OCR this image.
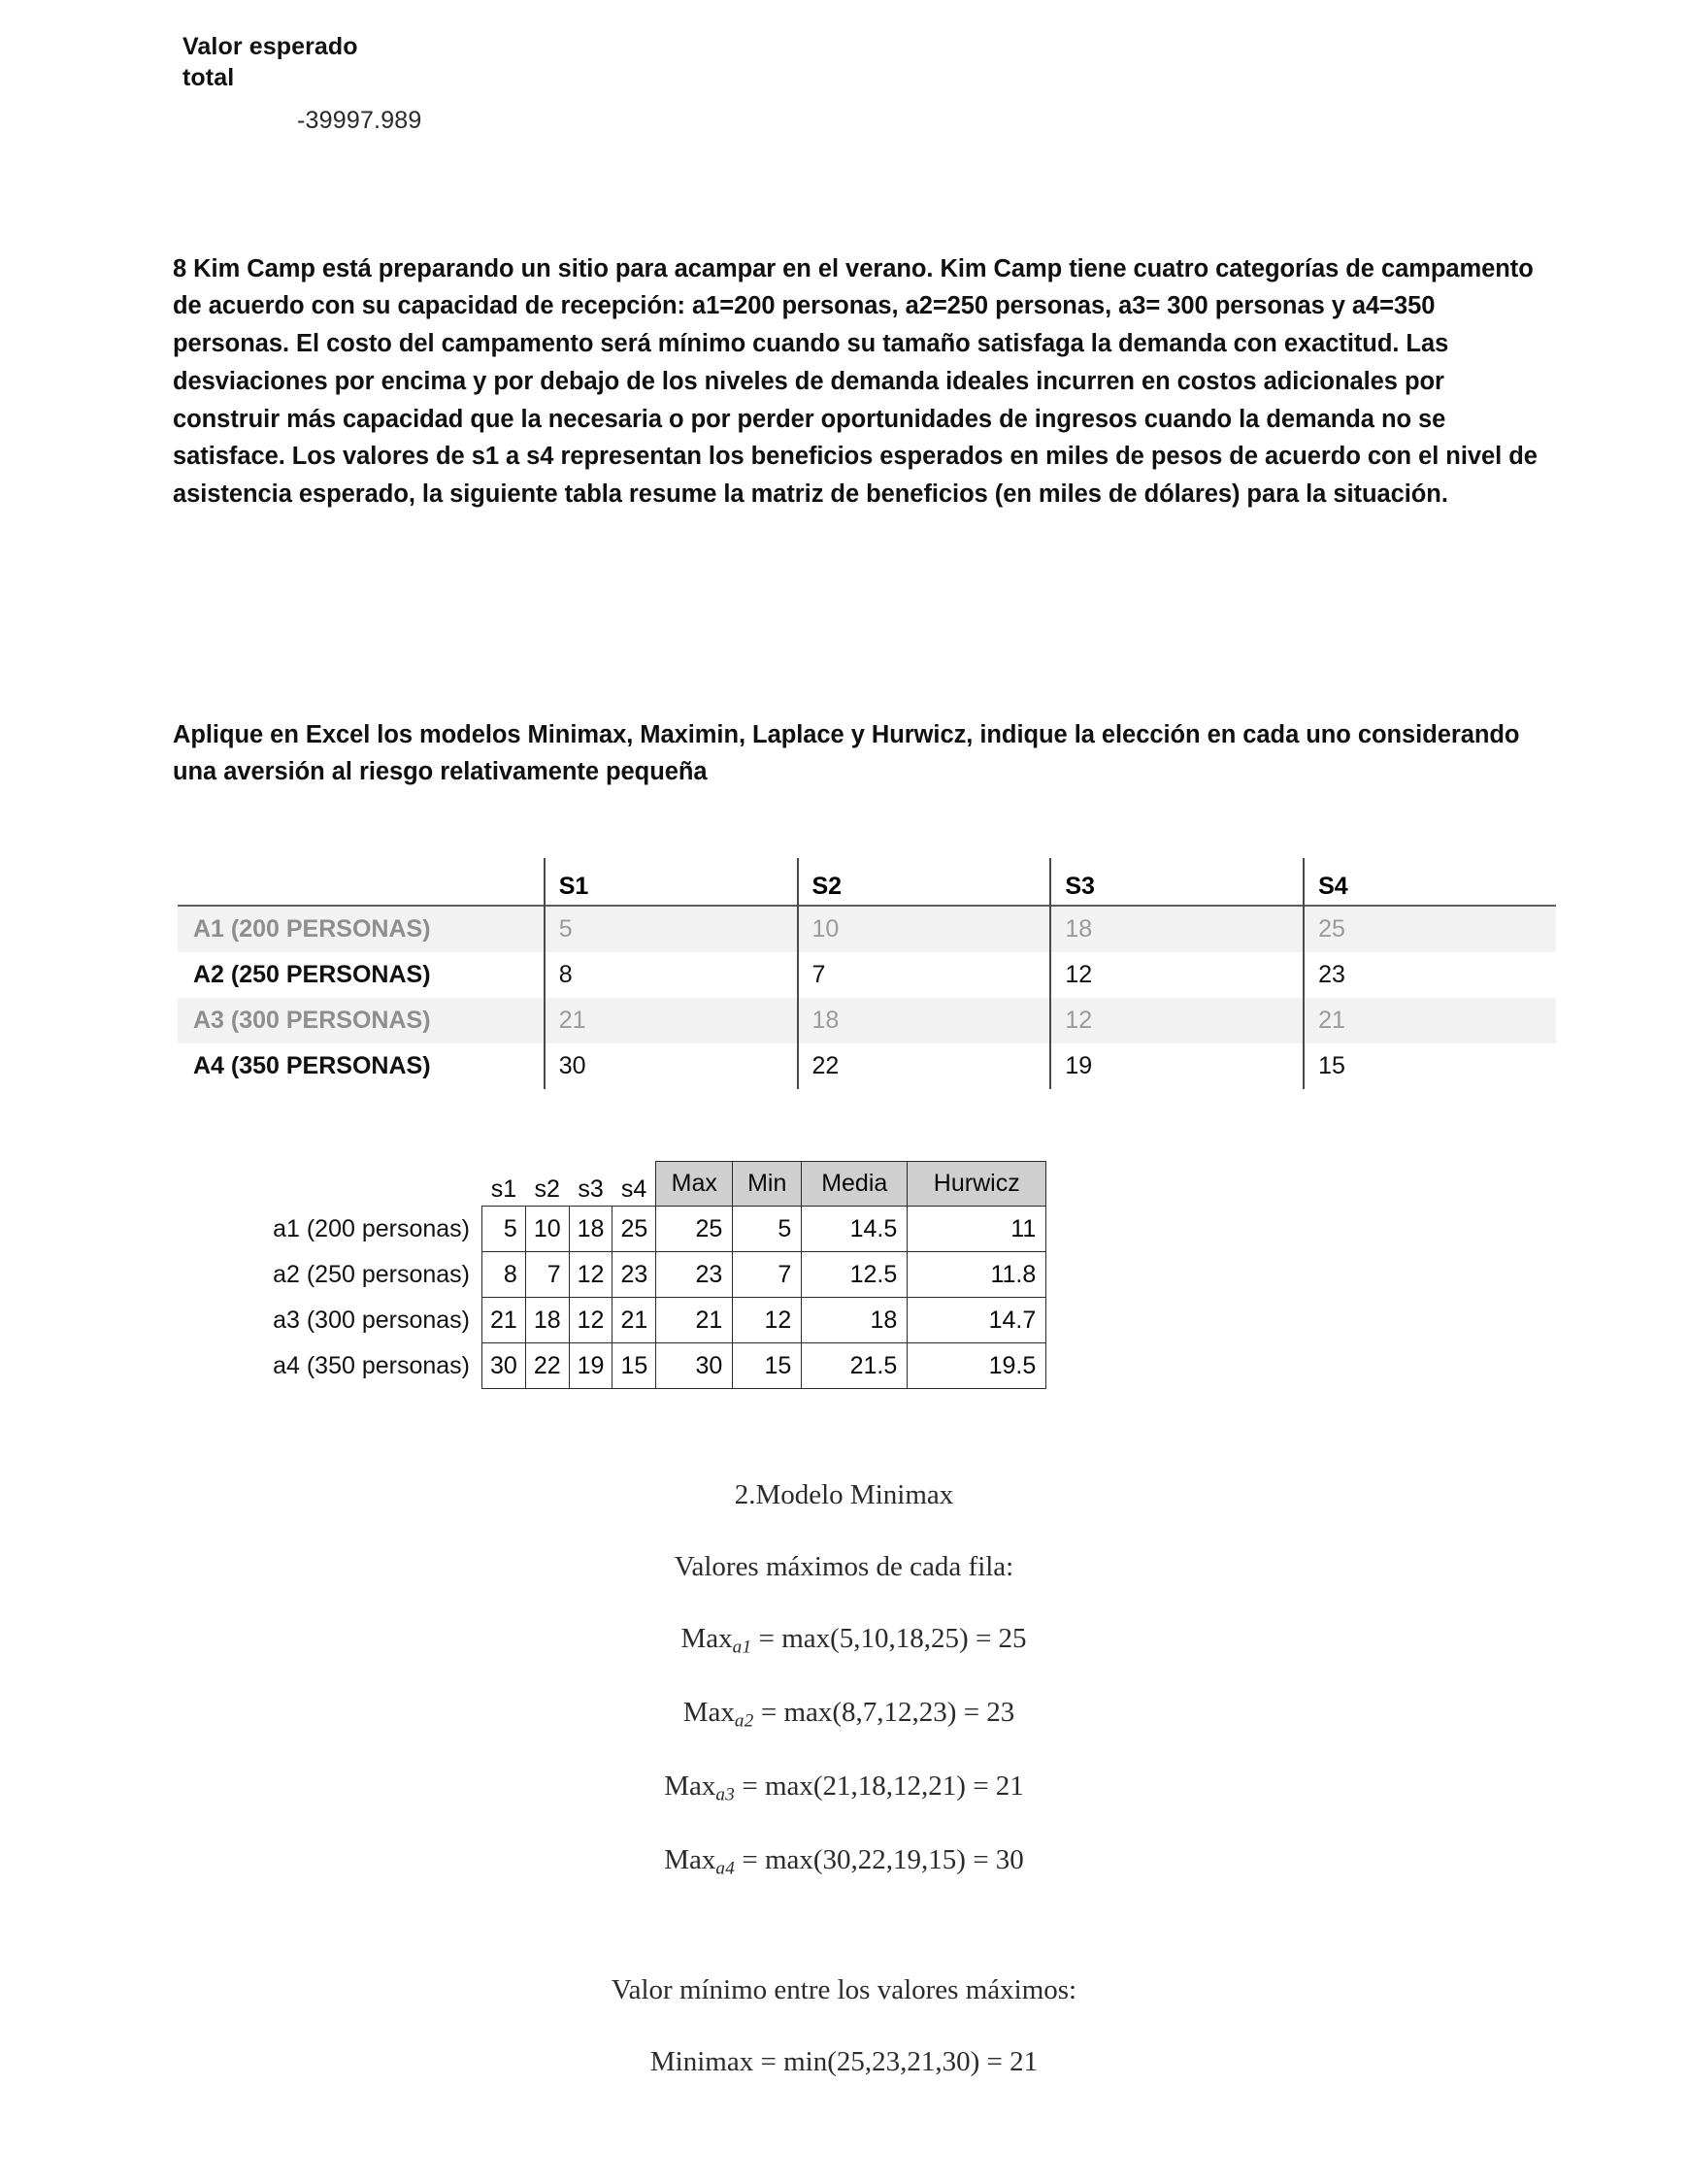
Valor esperado
total
-39997.989

8 Kim Camp está preparando un sitio para acampar en el verano. Kim Camp tiene cuatro categorías de campamento de acuerdo con su capacidad de recepción: a1=200 personas, a2=250 personas, a3= 300 personas y a4=350 personas. El costo del campamento será mínimo cuando su tamaño satisfaga la demanda con exactitud. Las desviaciones por encima y por debajo de los niveles de demanda ideales incurren en costos adicionales por construir más capacidad que la necesaria o por perder oportunidades de ingresos cuando la demanda no se satisface. Los valores de s1 a s4 representan los beneficios esperados en miles de pesos de acuerdo con el nivel de asistencia esperado, la siguiente tabla resume la matriz de beneficios (en miles de dólares) para la situación.

Aplique en Excel los modelos Minimax, Maximin, Laplace y Hurwicz, indique la elección en cada uno considerando una aversión al riesgo relativamente pequeña

	S1	S2	S3	S4
A1 (200 PERSONAS)	5	10	18	25
A2 (250 PERSONAS)	8	7	12	23
A3 (300 PERSONAS)	21	18	12	21
A4 (350 PERSONAS)	30	22	19	15
	s1	s2	s3	s4	Max	Min	Media	Hurwicz
a1 (200 personas)	5	10	18	25	25	5	14.5	11
a2 (250 personas)	8	7	12	23	23	7	12.5	11.8
a3 (300 personas)	21	18	12	21	21	12	18	14.7
a4 (350 personas)	30	22	19	15	30	15	21.5	19.5
2.Modelo Minimax
Valores máximos de cada fila:
Max$_{a1}$ = max(5,10,18,25) = 25
Max$_{a2}$ = max(8,7,12,23) = 23
Max$_{a3}$ = max(21,18,12,21) = 21
Max$_{a4}$ = max(30,22,19,15) = 30
Valor mínimo entre los valores máximos:
Minimax = min(25,23,21,30) = 21
